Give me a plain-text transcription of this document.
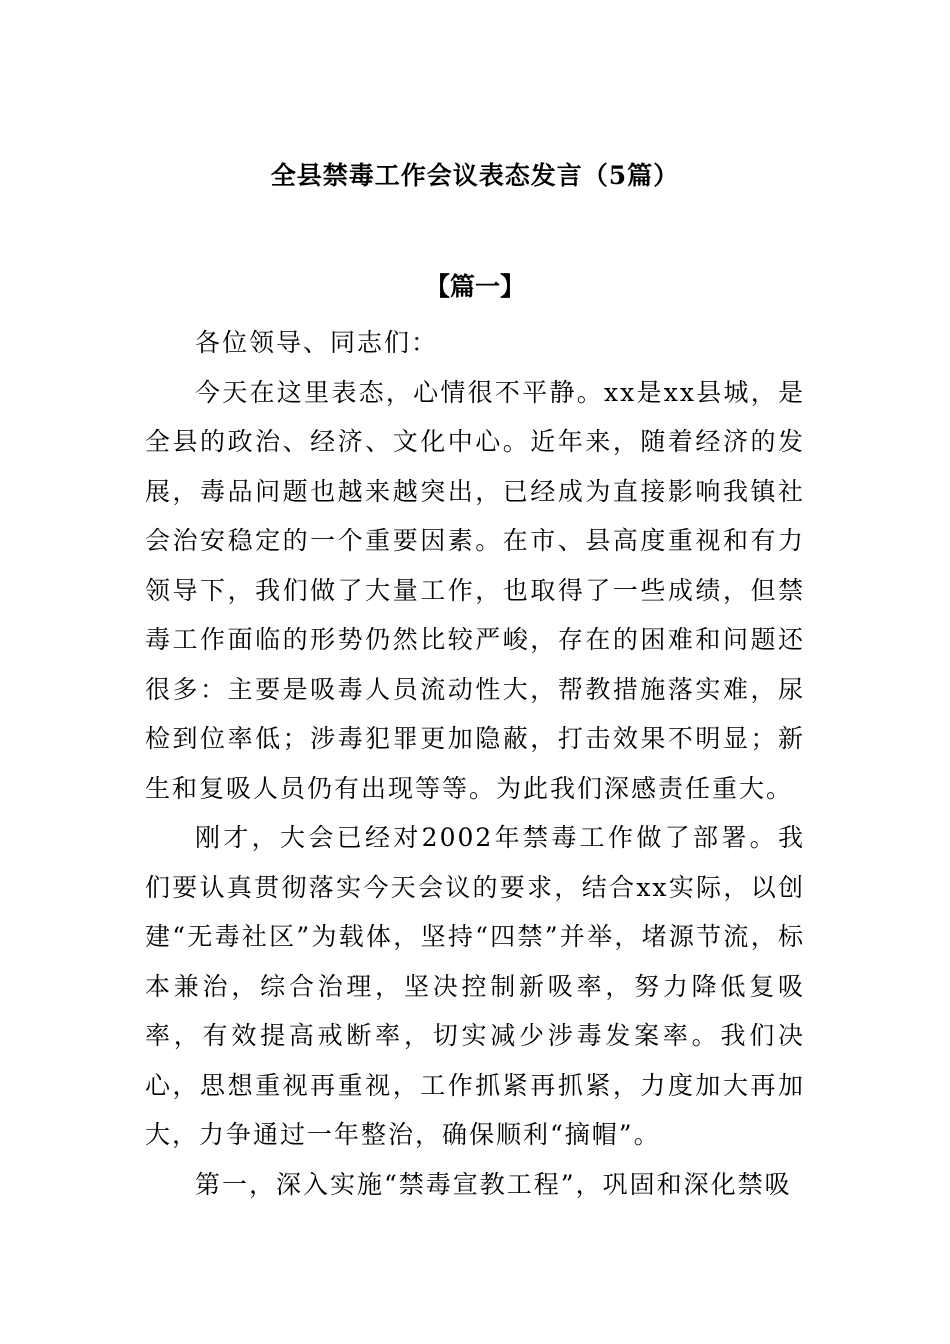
全县禁毒工作会议表态发言（5篇）
【篇一】

各位领导、同志们：

今天在这里表态，心情很不平静。xx是xx县城，是全县的政治、经济、文化中心。近年来，随着经济的发展，毒品问题也越来越突出，已经成为直接影响我镇社会治安稳定的一个重要因素。在市、县高度重视和有力领导下，我们做了大量工作，也取得了一些成绩，但禁毒工作面临的形势仍然比较严峻，存在的困难和问题还很多：主要是吸毒人员流动性大，帮教措施落实难，尿检到位率低；涉毒犯罪更加隐蔽，打击效果不明显；新生和复吸人员仍有出现等等。为此我们深感责任重大。

刚才，大会已经对2002年禁毒工作做了部署。我们要认真贯彻落实今天会议的要求，结合xx实际，以创建“无毒社区”为载体，坚持“四禁”并举，堵源节流，标本兼治，综合治理，坚决控制新吸率，努力降低复吸率，有效提高戒断率，切实减少涉毒发案率。我们决心，思想重视再重视，工作抓紧再抓紧，力度加大再加大，力争通过一年整治，确保顺利“摘帽”。

第一，深入实施“禁毒宣教工程”，巩固和深化禁吸
